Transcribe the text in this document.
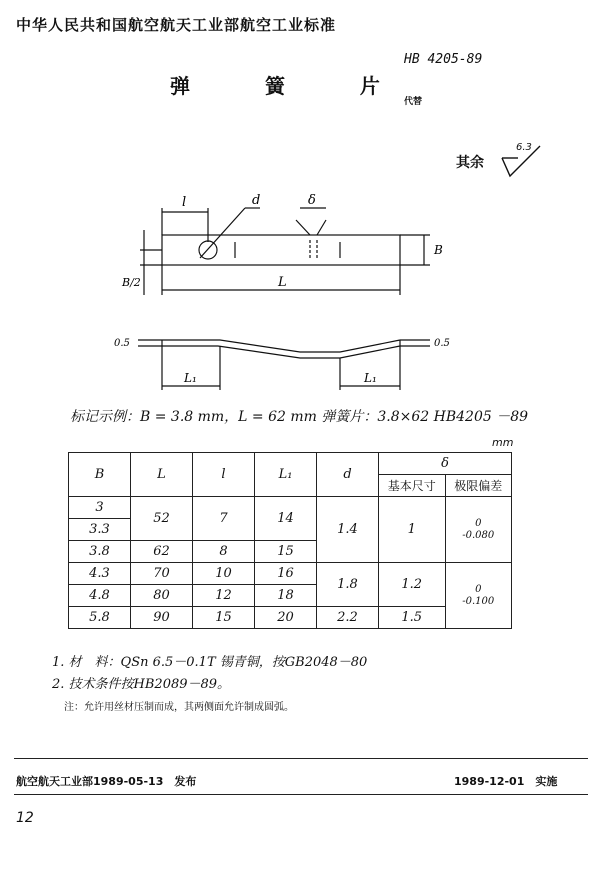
中华人民共和国航空航天工业部航空工业标准
HB 4205-89
弹 簧 片
代替
其余
6.3
l	d	δ
B
B/2	L
0.5	0.5
L₁	L₁
标记示例：B = 3.8 mm，L = 62 mm 弹簧片：3.8×62 HB4205 －89
mm
B	L	l	L₁	d	δ	
					基本尺寸	极限偏差
3	52	7	14	1.4	1	0
-0.080

3.3						
3.8	62	8	15			
4.3	70	10	16	1.8	1.2	0
-0.100

4.8	80	12	18			
5.8	90	15	20	2.2	1.5	
1. 材　料：QSn 6.5－0.1T 锡青铜，按GB2048－80
2. 技术条件按HB2089－89。
注：允许用丝材压制而成，其两侧面允许制成圆弧。
航空航天工业部1989-05-13　发布	1989-12-01　实施
12
